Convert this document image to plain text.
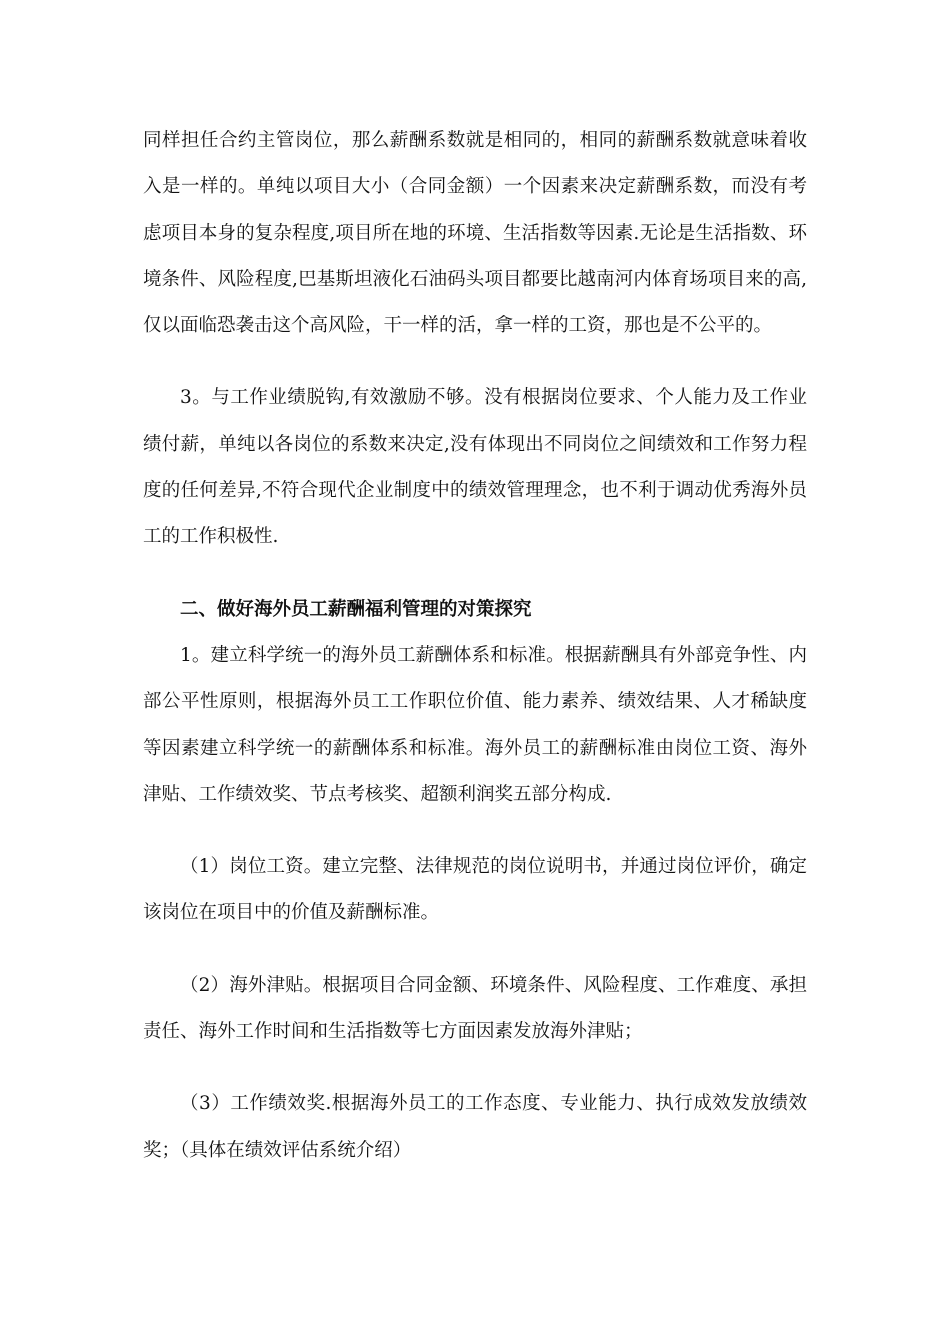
同样担任合约主管岗位，那么薪酬系数就是相同的，相同的薪酬系数就意味着收入是一样的。单纯以项目大小（合同金额）一个因素来决定薪酬系数，而没有考虑项目本身的复杂程度,项目所在地的环境、生活指数等因素.无论是生活指数、环境条件、风险程度,巴基斯坦液化石油码头项目都要比越南河内体育场项目来的高,仅以面临恐袭击这个高风险，干一样的活，拿一样的工资，那也是不公平的。

3。与工作业绩脱钩,有效激励不够。没有根据岗位要求、个人能力及工作业绩付薪，单纯以各岗位的系数来决定,没有体现出不同岗位之间绩效和工作努力程度的任何差异,不符合现代企业制度中的绩效管理理念，也不利于调动优秀海外员工的工作积极性.

二、做好海外员工薪酬福利管理的对策探究

1。建立科学统一的海外员工薪酬体系和标准。根据薪酬具有外部竞争性、内部公平性原则，根据海外员工工作职位价值、能力素养、绩效结果、人才稀缺度等因素建立科学统一的薪酬体系和标准。海外员工的薪酬标准由岗位工资、海外津贴、工作绩效奖、节点考核奖、超额利润奖五部分构成.

（1）岗位工资。建立完整、法律规范的岗位说明书，并通过岗位评价，确定该岗位在项目中的价值及薪酬标准。

（2）海外津贴。根据项目合同金额、环境条件、风险程度、工作难度、承担责任、海外工作时间和生活指数等七方面因素发放海外津贴；

（3）工作绩效奖.根据海外员工的工作态度、专业能力、执行成效发放绩效奖；（具体在绩效评估系统介绍）
